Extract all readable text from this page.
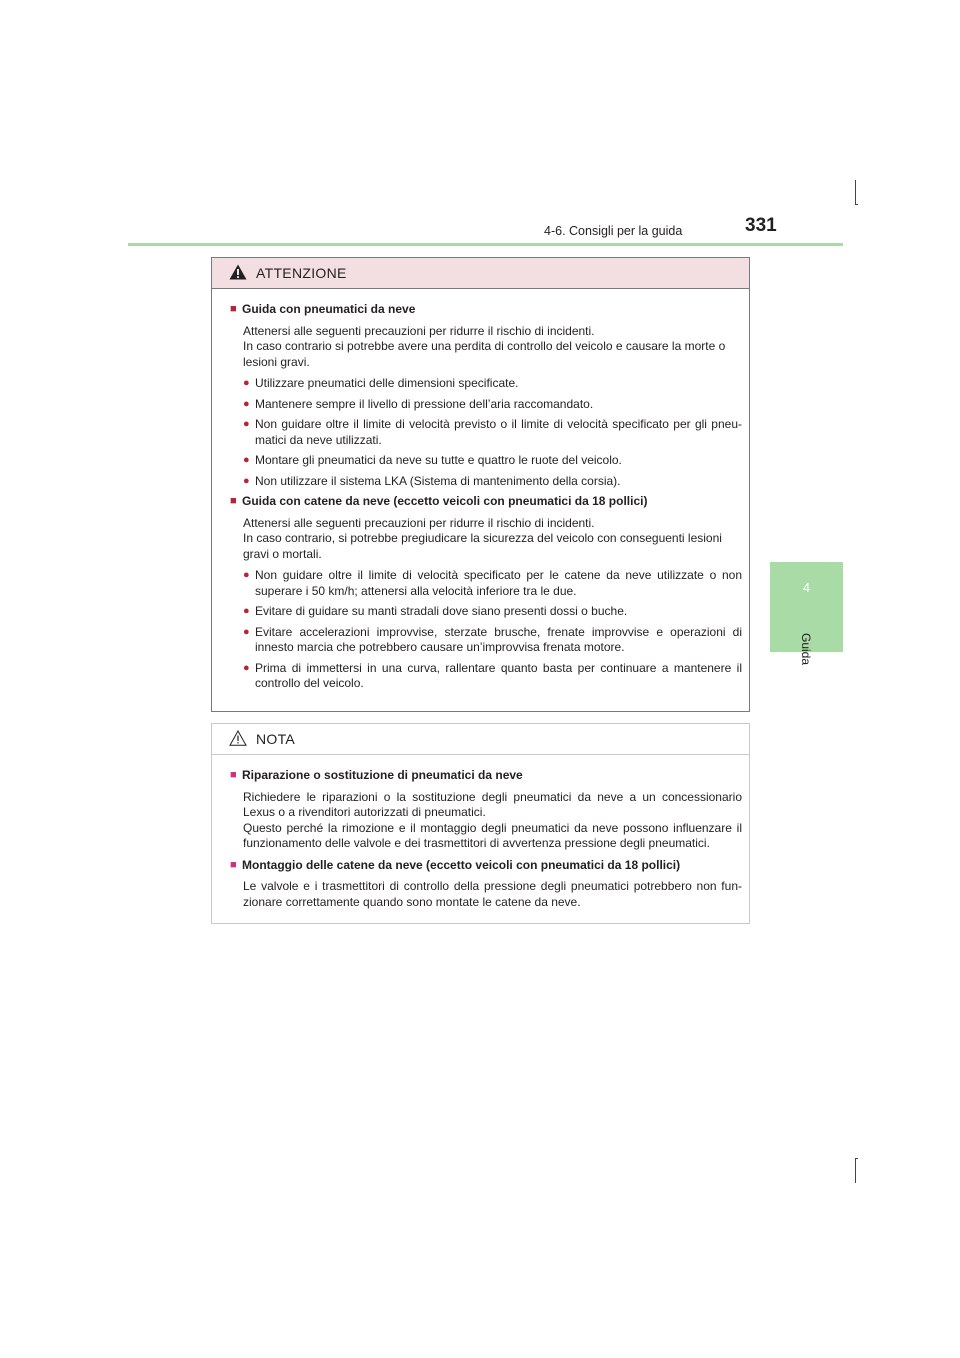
4-6. Consigli per la guida	331
4
Guida
ATTENZIONE
■ Guida con pneumatici da neve
Attenersi alle seguenti precauzioni per ridurre il rischio di incidenti.
In caso contrario si potrebbe avere una perdita di controllo del veicolo e causare la morte o lesioni gravi.
● Utilizzare pneumatici delle dimensioni specificate.
● Mantenere sempre il livello di pressione dell’aria raccomandato.
● Non guidare oltre il limite di velocità previsto o il limite di velocità specificato per gli pneu-matici da neve utilizzati.
● Montare gli pneumatici da neve su tutte e quattro le ruote del veicolo.
● Non utilizzare il sistema LKA (Sistema di mantenimento della corsia).
■ Guida con catene da neve (eccetto veicoli con pneumatici da 18 pollici)
Attenersi alle seguenti precauzioni per ridurre il rischio di incidenti.
In caso contrario, si potrebbe pregiudicare la sicurezza del veicolo con conseguenti lesioni gravi o mortali.
● Non guidare oltre il limite di velocità specificato per le catene da neve utilizzate o non superare i 50 km/h; attenersi alla velocità inferiore tra le due.
● Evitare di guidare su manti stradali dove siano presenti dossi o buche.
● Evitare accelerazioni improvvise, sterzate brusche, frenate improvvise e operazioni di innesto marcia che potrebbero causare un’improvvisa frenata motore.
● Prima di immettersi in una curva, rallentare quanto basta per continuare a mantenere il controllo del veicolo.
NOTA
■ Riparazione o sostituzione di pneumatici da neve
Richiedere le riparazioni o la sostituzione degli pneumatici da neve a un concessionario Lexus o a rivenditori autorizzati di pneumatici.
Questo perché la rimozione e il montaggio degli pneumatici da neve possono influenzare il funzionamento delle valvole e dei trasmettitori di avvertenza pressione degli pneumatici.
■ Montaggio delle catene da neve (eccetto veicoli con pneumatici da 18 pollici)
Le valvole e i trasmettitori di controllo della pressione degli pneumatici potrebbero non fun-zionare correttamente quando sono montate le catene da neve.
